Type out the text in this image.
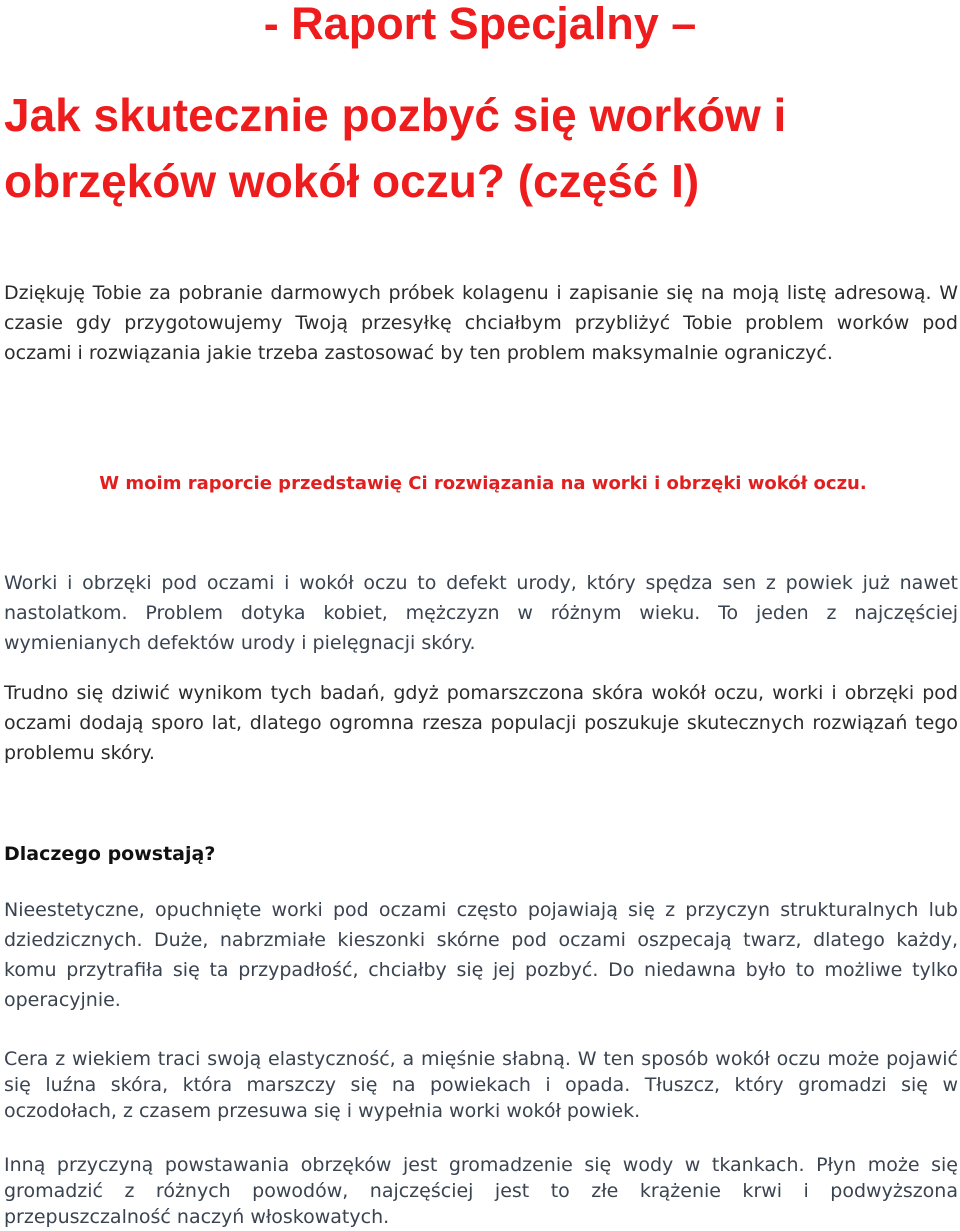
- Raport Specjalny –
Jak skutecznie pozbyć się worków i obrzęków wokół oczu? (część I)

Dziękuję Tobie za pobranie darmowych próbek kolagenu i zapisanie się na moją listę adresową. W czasie gdy przygotowujemy Twoją przesyłkę chciałbym przybliżyć Tobie problem worków pod oczami i rozwiązania jakie trzeba zastosować by ten problem maksymalnie ograniczyć.

W moim raporcie przedstawię Ci rozwiązania na worki i obrzęki wokół oczu.

Worki i obrzęki pod oczami i wokół oczu to defekt urody, który spędza sen z powiek już nawet nastolatkom. Problem dotyka kobiet, mężczyzn w różnym wieku. To jeden z najczęściej wymienianych defektów urody i pielęgnacji skóry.

Trudno się dziwić wynikom tych badań, gdyż pomarszczona skóra wokół oczu, worki i obrzęki pod oczami dodają sporo lat, dlatego ogromna rzesza populacji poszukuje skutecznych rozwiązań tego problemu skóry.

Dlaczego powstają?

Nieestetyczne, opuchnięte worki pod oczami często pojawiają się z przyczyn strukturalnych lub dziedzicznych. Duże, nabrzmiałe kieszonki skórne pod oczami oszpecają twarz, dlatego każdy, komu przytrafiła się ta przypadłość, chciałby się jej pozbyć. Do niedawna było to możliwe tylko operacyjnie.

Cera z wiekiem traci swoją elastyczność, a mięśnie słabną. W ten sposób wokół oczu może pojawić się luźna skóra, która marszczy się na powiekach i opada. Tłuszcz, który gromadzi się w oczodołach, z czasem przesuwa się i wypełnia worki wokół powiek.

Inną przyczyną powstawania obrzęków jest gromadzenie się wody w tkankach. Płyn może się gromadzić z różnych powodów, najczęściej jest to złe krążenie krwi i podwyższona przepuszczalność naczyń włoskowatych.
